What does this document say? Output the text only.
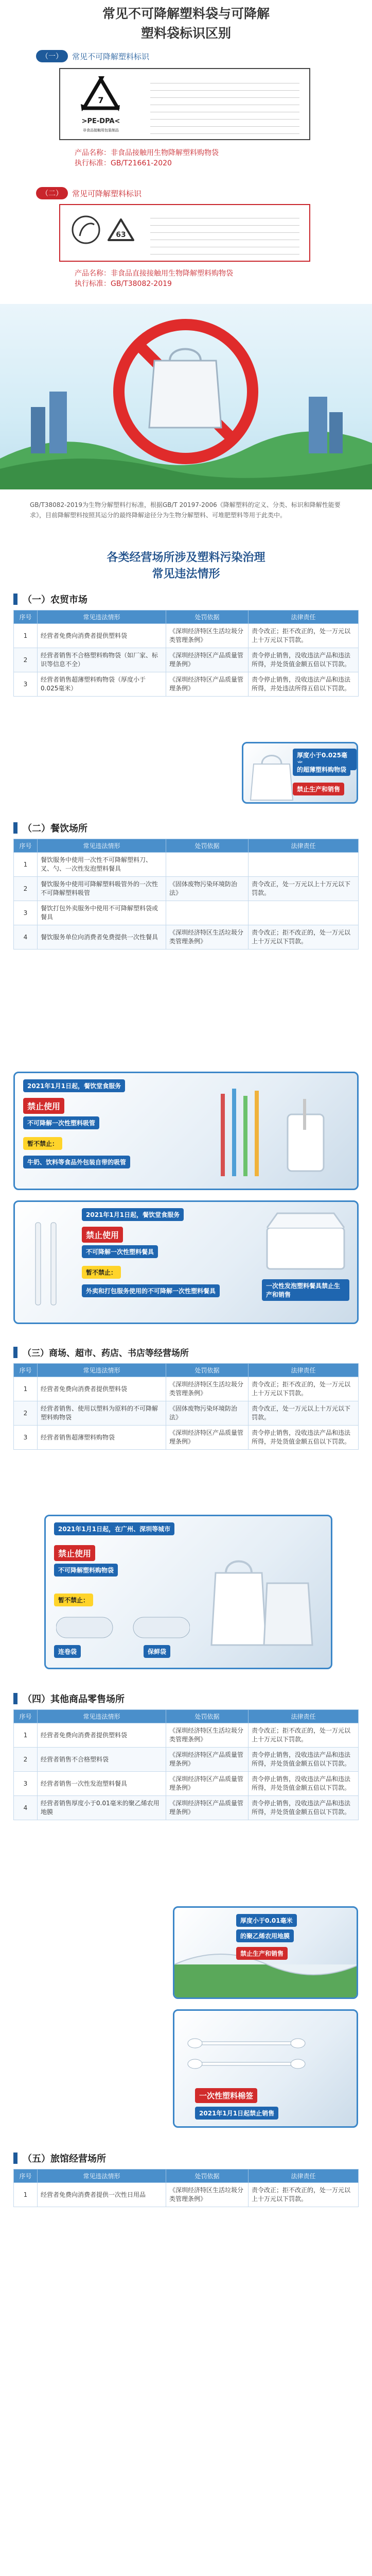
常见不可降解塑料袋与可降解
塑料袋标识区别
（一）	常见不可降解塑料标识
7
>PE-DPA<
非食品接触用包装制品
产品名称：非食品接触用生物降解塑料购物袋
执行标准：GB/T21661-2020
（二）	常见可降解塑料标识
63
产品名称：非食品直接接触用生物降解塑料购物袋
执行标准：GB/T38082-2019
GB/T38082-2019为生物分解塑料行标准，根据GB/T 20197-2006《降解塑料的定义、分类、标识和降解性能要求》，目前降解塑料按照其运分的最终降解途径分为生物分解塑料、可堆肥塑料等用于此类中。
各类经营场所涉及塑料污染治理
常见违法情形
（一） 农贸市场
序号	常见违法情形	处罚依据	法律责任
1	经营者免费向消费者提供塑料袋	《深圳经济特区生活垃圾分类管理条例》	责令改正；拒不改正的，处一万元以上十万元以下罚款。
2	经营者销售不合格塑料购物袋（如厂家、标识等信息不全）	《深圳经济特区产品质量管理条例》	责令停止销售，没收违法产品和违法所得，并处货值金额五倍以下罚款。
3	经营者销售超薄塑料购物袋（厚度小于0.025毫米）	《深圳经济特区产品质量管理条例》	责令停止销售，没收违法产品和违法所得，并处违法所得五倍以下罚款。
厚度小于0.025毫
的超薄塑料购物袋
禁止生产和销售
（二） 餐饮场所
序号	常见违法情形	处罚依据	法律责任
1	餐饮服务中使用一次性不可降解塑料刀、叉、勺、一次性发泡塑料餐具		
2	餐饮服务中使用可降解塑料吸管外的一次性不可降解塑料吸管	《固体废物污染环境防治法》	责令改正，处一万元以上十万元以下罚款。
3	餐饮打包外卖服务中使用不可降解塑料袋或餐具		
4	餐饮服务单位向消费者免费提供一次性餐具	《深圳经济特区生活垃圾分类管理条例》	责令改正；拒不改正的，处一万元以上十万元以下罚款。
2021年1月1日起，餐饮堂食服务
禁止使用
不可降解一次性塑料吸管
暂不禁止：
牛奶、饮料等食品外包装自带的吸管
2021年1月1日起，餐饮堂食服务
禁止使用
不可降解一次性塑料餐具
暂不禁止：
外卖和打包服务使用的不可降解一次性塑料餐具
一次性发泡塑料餐具禁止生产和销售
（三） 商场、超市、药店、书店等经营场所
序号	常见违法情形	处罚依据	法律责任
1	经营者免费向消费者提供塑料袋	《深圳经济特区生活垃圾分类管理条例》	责令改正；拒不改正的，处一万元以上十万元以下罚款。
2	经营者销售、使用以塑料为原料的不可降解塑料购物袋	《固体废物污染环境防治法》	责令改正，处一万元以上十万元以下罚款。
3	经营者销售超薄塑料购物袋	《深圳经济特区产品质量管理条例》	责令停止销售，没收违法产品和违法所得，并处货值金额五倍以下罚款。
2021年1月1日起，在广州、深圳等城市
禁止使用
不可降解塑料购物袋
暂不禁止：
连卷袋	保鲜袋
（四） 其他商品零售场所
序号	常见违法情形	处罚依据	法律责任
1	经营者免费向消费者提供塑料袋	《深圳经济特区生活垃圾分类管理条例》	责令改正；拒不改正的，处一万元以上十万元以下罚款。
2	经营者销售不合格塑料袋	《深圳经济特区产品质量管理条例》	责令停止销售，没收违法产品和违法所得，并处货值金额五倍以下罚款。
3	经营者销售一次性发泡塑料餐具	《深圳经济特区产品质量管理条例》	责令停止销售，没收违法产品和违法所得，并处货值金额五倍以下罚款。
4	经营者销售厚度小于0.01毫米的聚乙烯农用地膜	《深圳经济特区产品质量管理条例》	责令停止销售，没收违法产品和违法所得，并处货值金额五倍以下罚款。
厚度小于0.01毫米
的聚乙烯农用地膜
禁止生产和销售
一次性塑料棉签
2021年1月1日起禁止销售
（五） 旅馆经营场所
序号	常见违法情形	处罚依据	法律责任
1	经营者免费向消费者提供一次性日用品	《深圳经济特区生活垃圾分类管理条例》	责令改正；拒不改正的，处一万元以上十万元以下罚款。
